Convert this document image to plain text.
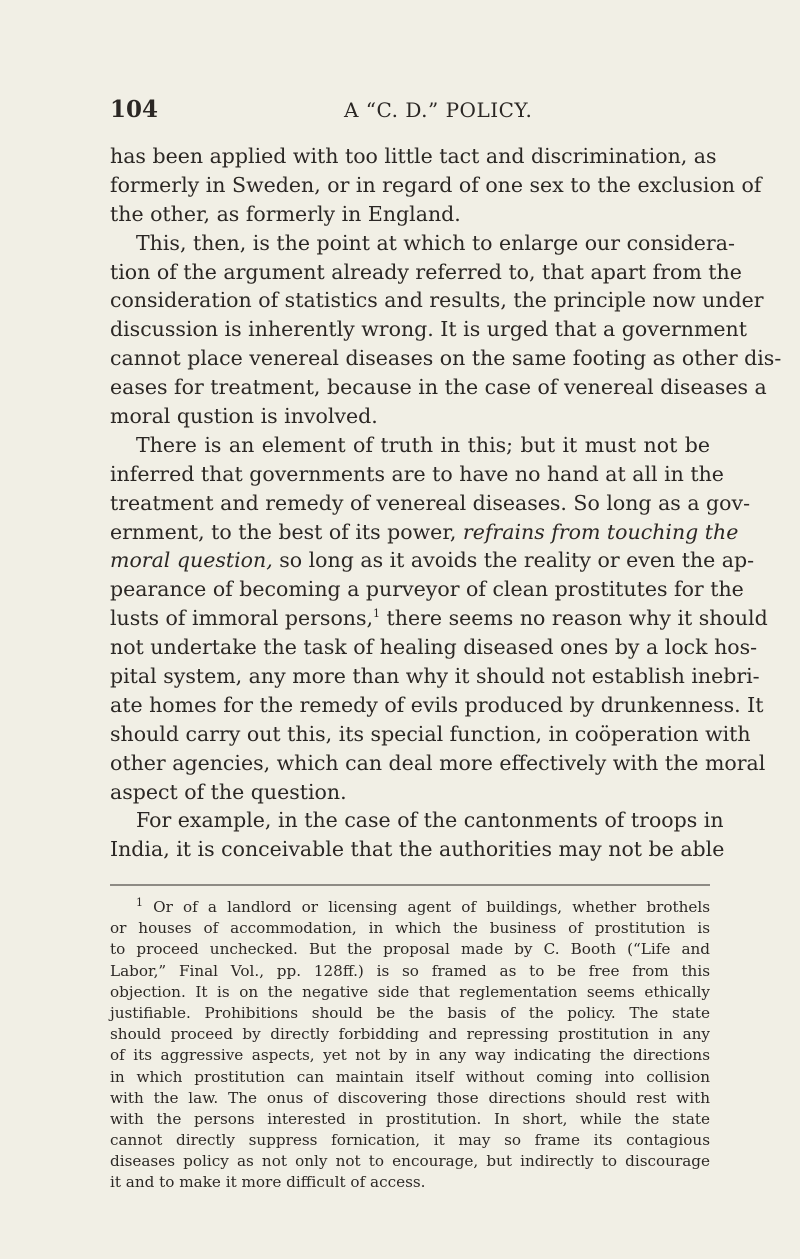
104	A “C. D.” POLICY.
has been applied with too little tact and discrimination, as
formerly in Sweden, or in regard of one sex to the exclusion of
the other, as formerly in England.
This, then, is the point at which to enlarge our considera-
tion of the argument already referred to, that apart from the
consideration of statistics and results, the principle now under
discussion is inherently wrong. It is urged that a government
cannot place venereal diseases on the same footing as other dis-
eases for treatment, because in the case of venereal diseases a
moral qustion is involved.
There is an element of truth in this; but it must not be
inferred that governments are to have no hand at all in the
treatment and remedy of venereal diseases. So long as a gov-
ernment, to the best of its power, refrains from touching the
moral question, so long as it avoids the reality or even the ap-
pearance of becoming a purveyor of clean prostitutes for the
lusts of immoral persons,$^1$ there seems no reason why it should
not undertake the task of healing diseased ones by a lock hos-
pital system, any more than why it should not establish inebri-
ate homes for the remedy of evils produced by drunkenness. It
should carry out this, its special function, in coöperation with
other agencies, which can deal more effectively with the moral
aspect of the question.
For example, in the case of the cantonments of troops in
India, it is conceivable that the authorities may not be able
$^1$ Or of a landlord or licensing agent of buildings, whether brothels
or houses of accommodation, in which the business of prostitution is
to proceed unchecked. But the proposal made by C. Booth (“Life and
Labor,” Final Vol., pp. 128ff.) is so framed as to be free from this
objection. It is on the negative side that reglementation seems ethically
justifiable. Prohibitions should be the basis of the policy. The state
should proceed by directly forbidding and repressing prostitution in any
of its aggressive aspects, yet not by in any way indicating the directions
in which prostitution can maintain itself without coming into collision
with the law. The onus of discovering those directions should rest with
with the persons interested in prostitution. In short, while the state
cannot directly suppress fornication, it may so frame its contagious
diseases policy as not only not to encourage, but indirectly to discourage
it and to make it more difficult of access.
